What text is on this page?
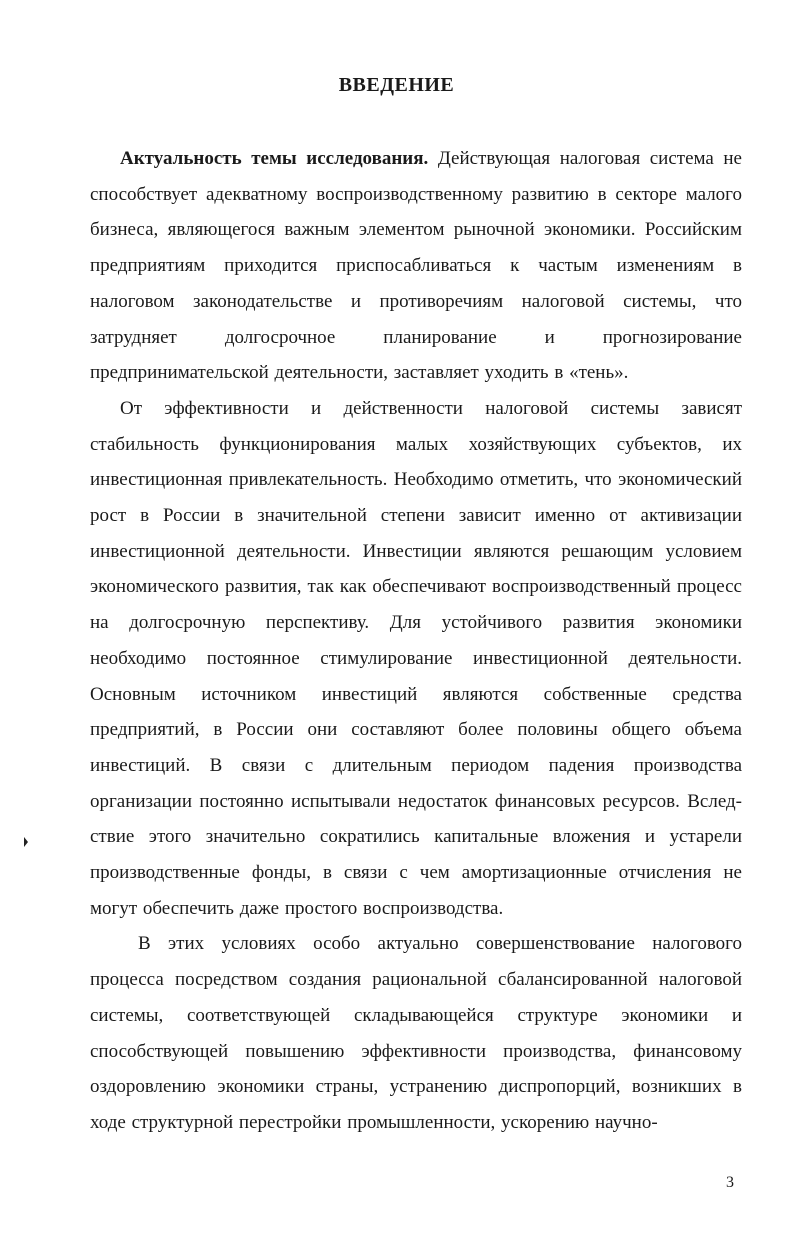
ВВЕДЕНИЕ

Актуальность темы исследования. Действующая налоговая система не способствует адекватному воспроизводственному развитию в секторе малого бизнеса, являющегося важным элементом рыночной экономики. Российским предприятиям приходится приспосабливаться к частым изменениям в налоговом законодательстве и противоречиям налоговой системы, что затрудняет долгосрочное планирование и прогнозирование предпринимательской деятельности, заставляет уходить в «тень».

От эффективности и действенности налоговой системы зависят стабильность функционирования малых хозяйствующих субъектов, их инвестиционная привлекательность. Необходимо отметить, что экономический рост в России в значительной степени зависит именно от активизации инвестиционной деятельности. Инвестиции являются решающим условием экономического развития, так как обеспечивают воспроизводственный процесс на долгосрочную перспективу. Для устойчивого развития экономики необходимо постоянное стимулирование инвестиционной деятельности. Основным источником инвестиций являются собственные средства предприятий, в России они составляют более половины общего объема инвестиций. В связи с длительным периодом падения производства организации постоянно испытывали недостаток финансовых ресурсов. Вследствие этого значительно сократились капитальные вложения и устарели производственные фонды, в связи с чем амортизационные отчисления не могут обеспечить даже простого воспроизводства.

В этих условиях особо актуально совершенствование налогового процесса посредством создания рациональной сбалансированной налоговой системы, соответствующей складывающейся структуре экономики и способствующей повышению эффективности производства, финансовому оздоровлению экономики страны, устранению диспропорций, возникших в ходе структурной перестройки промышленности, ускорению научно-

3
